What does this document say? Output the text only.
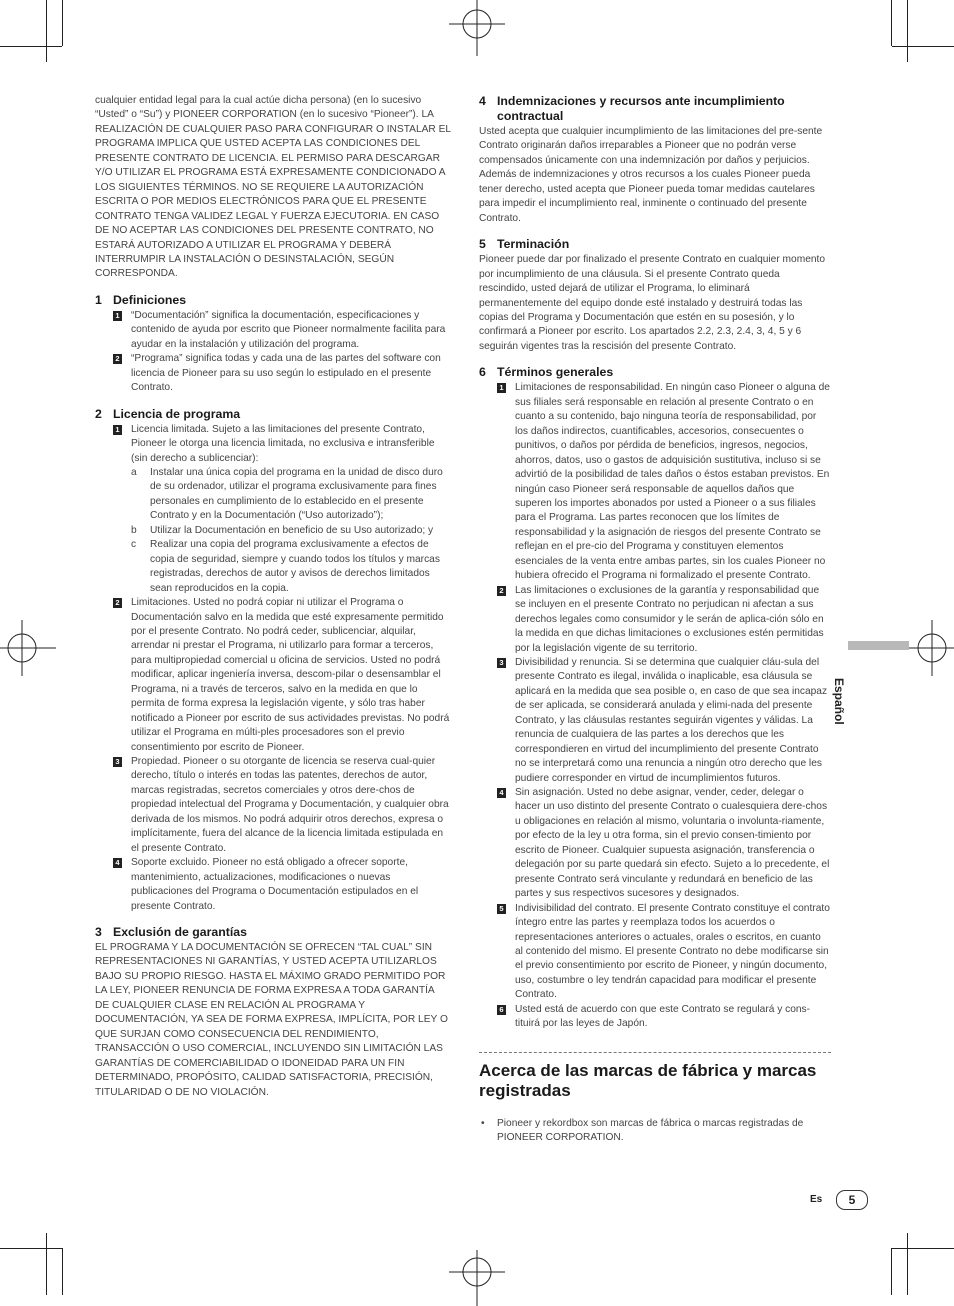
cualquier entidad legal para la cual actúe dicha persona) (en lo sucesivo “Usted” o “Su”) y PIONEER CORPORATION (en lo sucesivo “Pioneer”). LA REALIZACIÓN DE CUALQUIER PASO PARA CONFIGURAR O INSTALAR EL PROGRAMA IMPLICA QUE USTED ACEPTA LAS CONDICIONES DEL PRESENTE CONTRATO DE LICENCIA. EL PERMISO PARA DESCARGAR Y/O UTILIZAR EL PROGRAMA ESTÁ EXPRESAMENTE CONDICIONADO A LOS SIGUIENTES TÉRMINOS. NO SE REQUIERE LA AUTORIZACIÓN ESCRITA O POR MEDIOS ELECTRÓNICOS PARA QUE EL PRESENTE CONTRATO TENGA VALIDEZ LEGAL Y FUERZA EJECUTORIA. EN CASO DE NO ACEPTAR LAS CONDICIONES DEL PRESENTE CONTRATO, NO ESTARÁ AUTORIZADO A UTILIZAR EL PROGRAMA Y DEBERÁ INTERRUMPIR LA INSTALACIÓN O DESINSTALACIÓN, SEGÚN CORRESPONDA.

1 Definiciones
1 “Documentación” significa la documentación, especificaciones y contenido de ayuda por escrito que Pioneer normalmente facilita para ayudar en la instalación y utilización del programa.
2 “Programa” significa todas y cada una de las partes del software con licencia de Pioneer para su uso según lo estipulado en el presente Contrato.
2 Licencia de programa
1 Licencia limitada. Sujeto a las limitaciones del presente Contrato, Pioneer le otorga una licencia limitada, no exclusiva e intransferible (sin derecho a sublicenciar):
a Instalar una única copia del programa en la unidad de disco duro de su ordenador, utilizar el programa exclusivamente para fines personales en cumplimiento de lo establecido en el presente Contrato y en la Documentación (“Uso autorizado”);
b Utilizar la Documentación en beneficio de su Uso autorizado; y
c Realizar una copia del programa exclusivamente a efectos de copia de seguridad, siempre y cuando todos los títulos y marcas registradas, derechos de autor y avisos de derechos limitados sean reproducidos en la copia.
2 Limitaciones. Usted no podrá copiar ni utilizar el Programa o Documentación salvo en la medida que esté expresamente permitido por el presente Contrato. No podrá ceder, sublicenciar, alquilar, arrendar ni prestar el Programa, ni utilizarlo para formar a terceros, para multipropiedad comercial u oficina de servicios. Usted no podrá modificar, aplicar ingeniería inversa, descom-pilar o desensamblar el Programa, ni a través de terceros, salvo en la medida en que lo permita de forma expresa la legislación vigente, y sólo tras haber notificado a Pioneer por escrito de sus actividades previstas. No podrá utilizar el Programa en múlti-ples procesadores son el previo consentimiento por escrito de Pioneer.
3 Propiedad. Pioneer o su otorgante de licencia se reserva cual-quier derecho, título o interés en todas las patentes, derechos de autor, marcas registradas, secretos comerciales y otros dere-chos de propiedad intelectual del Programa y Documentación, y cualquier obra derivada de los mismos. No podrá adquirir otros derechos, expresa o implícitamente, fuera del alcance de la licencia limitada estipulada en el presente Contrato.
4 Soporte excluido. Pioneer no está obligado a ofrecer soporte, mantenimiento, actualizaciones, modificaciones o nuevas publicaciones del Programa o Documentación estipulados en el presente Contrato.
3 Exclusión de garantías

EL PROGRAMA Y LA DOCUMENTACIÓN SE OFRECEN “TAL CUAL” SIN REPRESENTACIONES NI GARANTÍAS, Y USTED ACEPTA UTILIZARLOS BAJO SU PROPIO RIESGO. HASTA EL MÁXIMO GRADO PERMITIDO POR LA LEY, PIONEER RENUNCIA DE FORMA EXPRESA A TODA GARANTÍA DE CUALQUIER CLASE EN RELACIÓN AL PROGRAMA Y DOCUMENTACIÓN, YA SEA DE FORMA EXPRESA, IMPLÍCITA, POR LEY O QUE SURJAN COMO CONSECUENCIA DEL RENDIMIENTO, TRANSACCIÓN O USO COMERCIAL, INCLUYENDO SIN LIMITACIÓN LAS GARANTÍAS DE COMERCIABILIDAD O IDONEIDAD PARA UN FIN DETERMINADO, PROPÓSITO, CALIDAD SATISFACTORIA, PRECISIÓN, TITULARIDAD O DE NO VIOLACIÓN.

4 Indemnizaciones y recursos ante incumplimiento contractual

Usted acepta que cualquier incumplimiento de las limitaciones del pre-sente Contrato originarán daños irreparables a Pioneer que no podrán verse compensados únicamente con una indemnización por daños y perjuicios. Además de indemnizaciones y otros recursos a los cuales Pioneer pueda tener derecho, usted acepta que Pioneer pueda tomar medidas cautelares para impedir el incumplimiento real, inminente o continuado del presente Contrato.

5 Terminación

Pioneer puede dar por finalizado el presente Contrato en cualquier momento por incumplimiento de una cláusula. Si el presente Contrato queda rescindido, usted dejará de utilizar el Programa, lo eliminará permanentemente del equipo donde esté instalado y destruirá todas las copias del Programa y Documentación que estén en su posesión, y lo confirmará a Pioneer por escrito. Los apartados 2.2, 2.3, 2.4, 3, 4, 5 y 6 seguirán vigentes tras la rescisión del presente Contrato.

6 Términos generales
1 Limitaciones de responsabilidad. En ningún caso Pioneer o alguna de sus filiales será responsable en relación al presente Contrato o en cuanto a su contenido, bajo ninguna teoría de responsabilidad, por los daños indirectos, cuantificables, accesorios, consecuentes o punitivos, o daños por pérdida de beneficios, ingresos, negocios, ahorros, datos, uso o gastos de adquisición sustitutiva, incluso si se advirtió de la posibilidad de tales daños o éstos estaban previstos. En ningún caso Pioneer será responsable de aquellos daños que superen los importes abonados por usted a Pioneer o a sus filiales para el Programa. Las partes reconocen que los límites de responsabilidad y la asignación de riesgos del presente Contrato se reflejan en el pre-cio del Programa y constituyen elementos esenciales de la venta entre ambas partes, sin los cuales Pioneer no hubiera ofrecido el Programa ni formalizado el presente Contrato.
2 Las limitaciones o exclusiones de la garantía y responsabilidad que se incluyen en el presente Contrato no perjudican ni afectan a sus derechos legales como consumidor y le serán de aplica-ción sólo en la medida en que dichas limitaciones o exclusiones estén permitidas por la legislación vigente de su territorio.
3 Divisibilidad y renuncia. Si se determina que cualquier cláu-sula del presente Contrato es ilegal, inválida o inaplicable, esa cláusula se aplicará en la medida que sea posible o, en caso de que sea incapaz de ser aplicada, se considerará anulada y elimi-nada del presente Contrato, y las cláusulas restantes seguirán vigentes y válidas. La renuncia de cualquiera de las partes a los derechos que les correspondieren en virtud del incumplimiento del presente Contrato no se interpretará como una renuncia a ningún otro derecho que les pudiere corresponder en virtud de incumplimientos futuros.
4 Sin asignación. Usted no debe asignar, vender, ceder, delegar o hacer un uso distinto del presente Contrato o cualesquiera dere-chos u obligaciones en relación al mismo, voluntaria o involunta-riamente, por efecto de la ley u otra forma, sin el previo consen-timiento por escrito de Pioneer. Cualquier supuesta asignación, transferencia o delegación por su parte quedará sin efecto. Sujeto a lo precedente, el presente Contrato será vinculante y redundará en beneficio de las partes y sus respectivos sucesores y designados.
5 Indivisibilidad del contrato. El presente Contrato constituye el contrato íntegro entre las partes y reemplaza todos los acuerdos o representaciones anteriores o actuales, orales o escritos, en cuanto al contenido del mismo. El presente Contrato no debe modificarse sin el previo consentimiento por escrito de Pioneer, y ningún documento, uso, costumbre o ley tendrán capacidad para modificar el presente Contrato.
6 Usted está de acuerdo con que este Contrato se regulará y cons-tituirá por las leyes de Japón.

Acerca de las marcas de fábrica y marcas registradas

• Pioneer y rekordbox son marcas de fábrica o marcas registradas de PIONEER CORPORATION.
Español
Es	5
